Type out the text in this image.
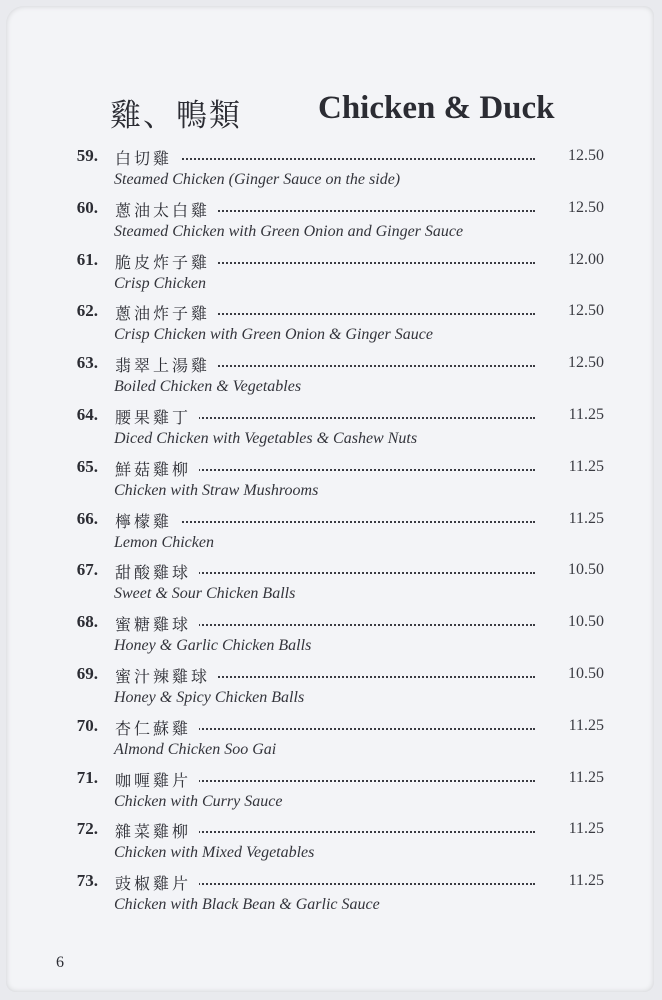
雞、鴨類 Chicken & Duck
59. 白切雞	12.50
Steamed Chicken (Ginger Sauce on the side)
60. 蔥油太白雞	12.50
Steamed Chicken with Green Onion and Ginger Sauce
61. 脆皮炸子雞	12.00
Crisp Chicken
62. 蔥油炸子雞	12.50
Crisp Chicken with Green Onion & Ginger Sauce
63. 翡翠上湯雞	12.50
Boiled Chicken & Vegetables
64. 腰果雞丁	11.25
Diced Chicken with Vegetables & Cashew Nuts
65. 鮮菇雞柳	11.25
Chicken with Straw Mushrooms
66. 檸檬雞	11.25
Lemon Chicken
67. 甜酸雞球	10.50
Sweet & Sour Chicken Balls
68. 蜜糖雞球	10.50
Honey & Garlic Chicken Balls
69. 蜜汁辣雞球	10.50
Honey & Spicy Chicken Balls
70. 杏仁蘇雞	11.25
Almond Chicken Soo Gai
71. 咖喱雞片	11.25
Chicken with Curry Sauce
72. 雜菜雞柳	11.25
Chicken with Mixed Vegetables
73. 豉椒雞片	11.25
Chicken with Black Bean & Garlic Sauce
6
